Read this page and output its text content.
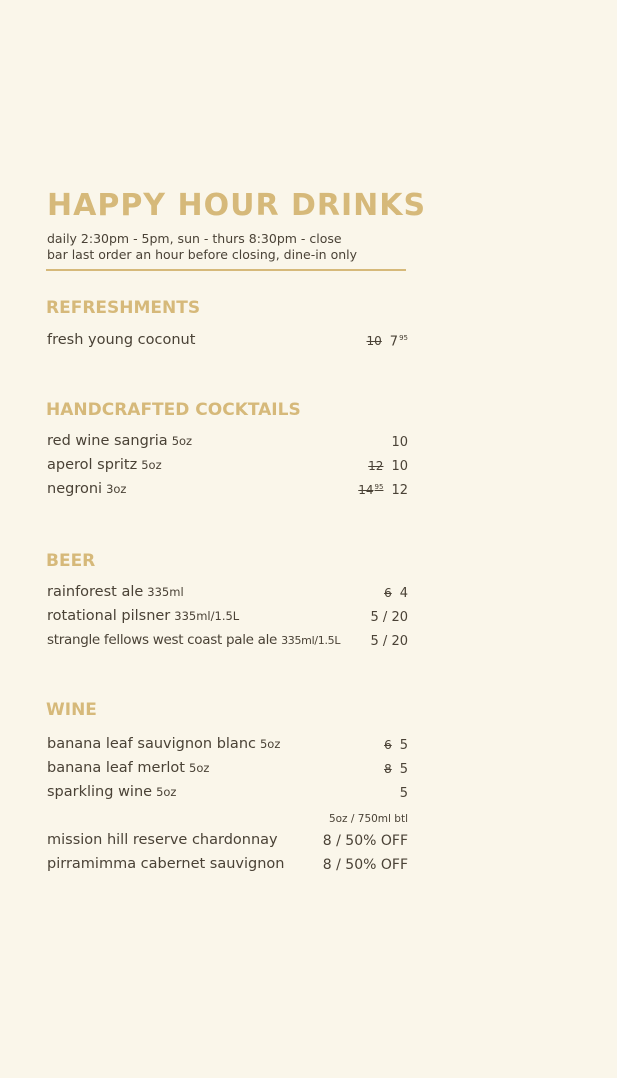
HAPPY HOUR DRINKS
daily 2:30pm - 5pm, sun - thurs 8:30pm - close
bar last order an hour before closing, dine-in only
REFRESHMENTS
fresh young coconut	10 $7^{95}$
HANDCRAFTED COCKTAILS
red wine sangria 5oz	10
aperol spritz 5oz	12 10
negroni 3oz	$14^{95}$ 12
BEER
rainforest ale 335ml	6 4
rotational pilsner 335ml/1.5L	5 / 20
strangle fellows west coast pale ale 335ml/1.5L 5 / 20
WINE
banana leaf sauvignon blanc 5oz	6 5
banana leaf merlot 5oz	8 5
sparkling wine 5oz	5
5oz / 750ml btl
mission hill reserve chardonnay	8 / 50% OFF
pirramimma cabernet sauvignon	8 / 50% OFF
